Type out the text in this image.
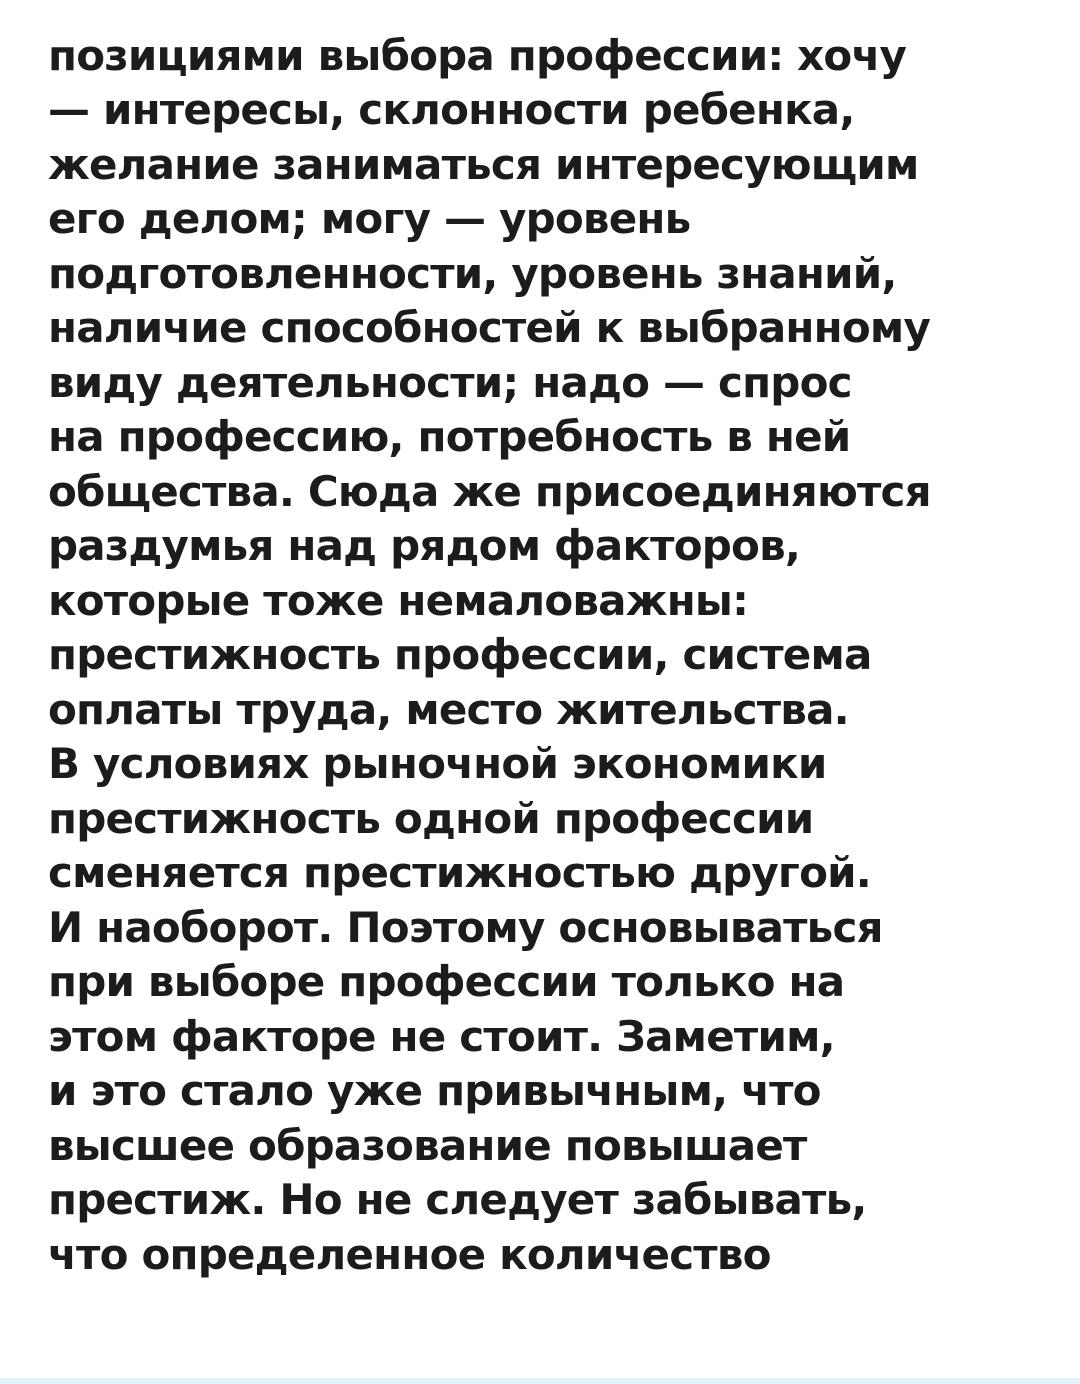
позициями выбора профессии: хочу
— интересы, склонности ребенка,
желание заниматься интересующим
его делом; могу — уровень
подготовленности, уровень знаний,
наличие способностей к выбранному
виду деятельности; надо — спрос
на профессию, потребность в ней
общества. Сюда же присоединяются
раздумья над рядом факторов,
которые тоже немаловажны:
престижность профессии, система
оплаты труда, место жительства.
В условиях рыночной экономики
престижность одной профессии
сменяется престижностью другой.
И наоборот. Поэтому основываться
при выборе профессии только на
этом факторе не стоит. Заметим,
и это стало уже привычным, что
высшее образование повышает
престиж. Но не следует забывать,
что определенное количество
